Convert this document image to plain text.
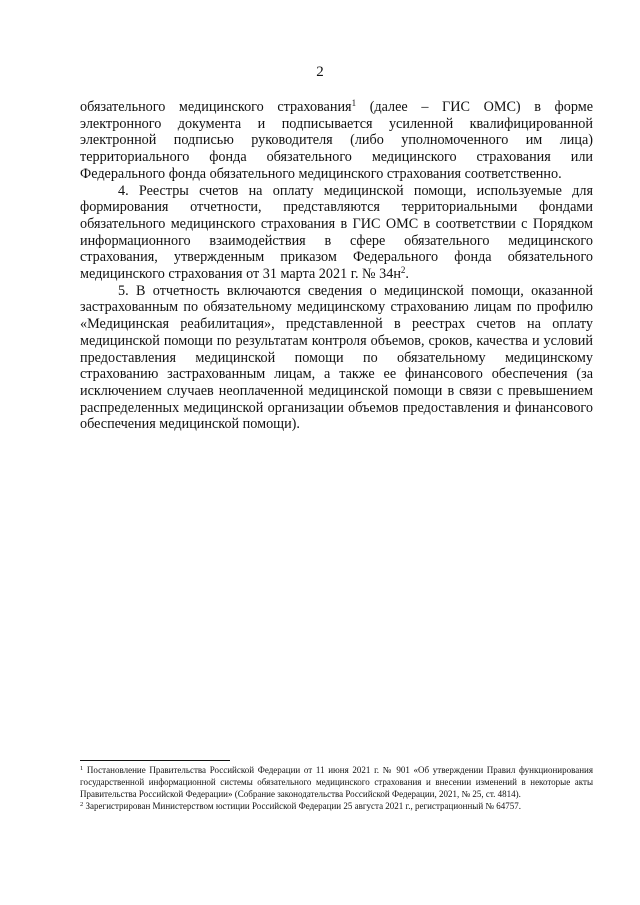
2

обязательного медицинского страхования$^1$ (далее – ГИС ОМС) в форме электронного документа и подписывается усиленной квалифицированной электронной подписью руководителя (либо уполномоченного им лица) территориального фонда обязательного медицинского страхования или Федерального фонда обязательного медицинского страхования соответственно.

4. Реестры счетов на оплату медицинской помощи, используемые для формирования отчетности, представляются территориальными фондами обязательного медицинского страхования в ГИС ОМС в соответствии с Порядком информационного взаимодействия в сфере обязательного медицинского страхования, утвержденным приказом Федерального фонда обязательного медицинского страхования от 31 марта 2021 г. № $34н^2$.

5. В отчетность включаются сведения о медицинской помощи, оказанной застрахованным по обязательному медицинскому страхованию лицам по профилю «Медицинская реабилитация», представленной в реестрах счетов на оплату медицинской помощи по результатам контроля объемов, сроков, качества и условий предоставления медицинской помощи по обязательному медицинскому страхованию застрахованным лицам, а также ее финансового обеспечения (за исключением случаев неоплаченной медицинской помощи в связи с превышением распределенных медицинской организации объемов предоставления и финансового обеспечения медицинской помощи).

$^1$ Постановление Правительства Российской Федерации от 11 июня 2021 г. № 901 «Об утверждении Правил функционирования государственной информационной системы обязательного медицинского страхования и внесении изменений в некоторые акты Правительства Российской Федерации» (Собрание законодательства Российской Федерации, 2021, № 25, ст. 4814).

$^2$ Зарегистрирован Министерством юстиции Российской Федерации 25 августа 2021 г., регистрационный № 64757.
